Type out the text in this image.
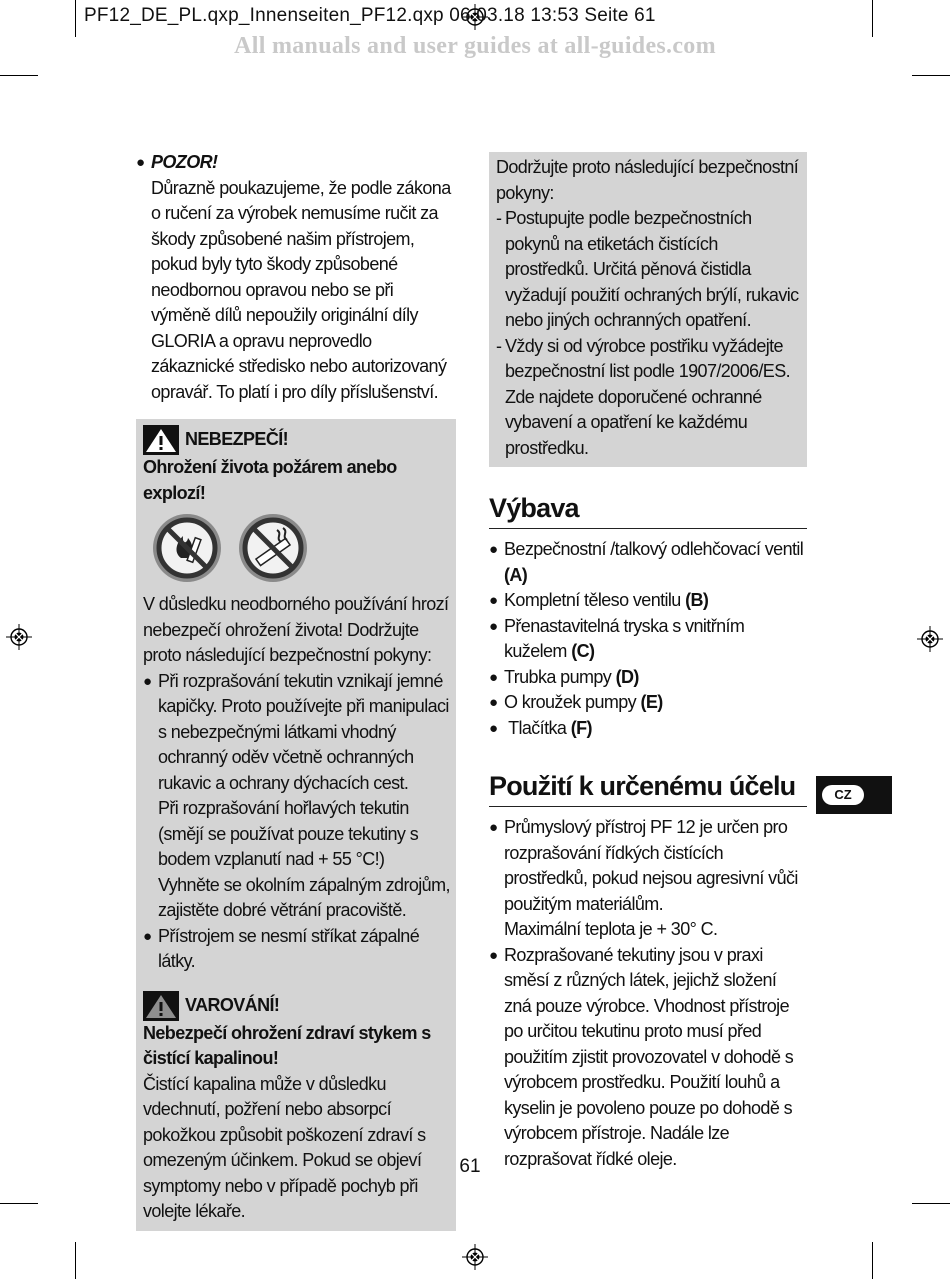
PF12_DE_PL.qxp_Innenseiten_PF12.qxp 06.03.18 13:53 Seite 61
All manuals and user guides at all-guides.com
● POZOR!
Důrazně poukazujeme, že podle zákona o ručení za výrobek nemusíme ručit za škody způsobené našim přístrojem, pokud byly tyto škody způsobené neodbornou opravou nebo se při výměně dílů nepoužily originální díly GLORIA a opravu neprovedlo zákaznické středisko nebo autorizovaný opravář. To platí i pro díly příslušenství.
NEBEZPEČÍ!
Ohrožení života požárem anebo explozí!
V důsledku neodborného používání hrozí nebezpečí ohrožení života! Dodržujte proto následující bezpečnostní pokyny:
● Při rozprašování tekutin vznikají jemné kapičky. Proto používejte při manipulaci s nebezpečnými látkami vhodný ochranný oděv včetně ochranných rukavic a ochrany dýchacích cest.
Při rozprašování hořlavých tekutin (smějí se používat pouze tekutiny s bodem vzplanutí nad + 55 °C!)
Vyhněte se okolním zápalným zdrojům, zajistěte dobré větrání pracoviště.
● Přístrojem se nesmí stříkat zápalné látky.
VAROVÁNÍ!
Nebezpečí ohrožení zdraví stykem s čistící kapalinou!
Čistící kapalina může v důsledku vdechnutí, požření nebo absorpcí pokožkou způsobit poškození zdraví s omezeným účinkem. Pokud se objeví symptomy nebo v případě pochyb při volejte lékaře.
Dodržujte proto následující bezpečnostní pokyny:
- Postupujte podle bezpečnostních pokynů na etiketách čistících prostředků. Určitá pěnová čistidla vyžadují použití ochraných brýlí, rukavic nebo jiných ochranných opatření.
- Vždy si od výrobce postřiku vyžádejte bezpečnostní list podle 1907/2006/ES. Zde najdete doporučené ochranné vybavení a opatření ke každému prostředku.
Výbava
● Bezpečnostní /talkový odlehčovací ventil (A)
● Kompletní těleso ventilu (B)
● Přenastavitelná tryska s vnitřním kuželem (C)
● Trubka pumpy (D)
● O kroužek pumpy (E)
● Tlačítka (F)
Použití k určenému účelu
● Průmyslový přístroj PF 12 je určen pro rozprašování řídkých čistících prostředků, pokud nejsou agresivní vůči použitým materiálům.
Maximální teplota je + 30° C.
● Rozprašované tekutiny jsou v praxi směsí z různých látek, jejichž složení zná pouze výrobce. Vhodnost přístroje po určitou tekutinu proto musí před použitím zjistit provozovatel v dohodě s výrobcem prostředku. Použití louhů a kyselin je povoleno pouze po dohodě s výrobcem přístroje. Nadále lze rozprašovat řídké oleje.
CZ
61
